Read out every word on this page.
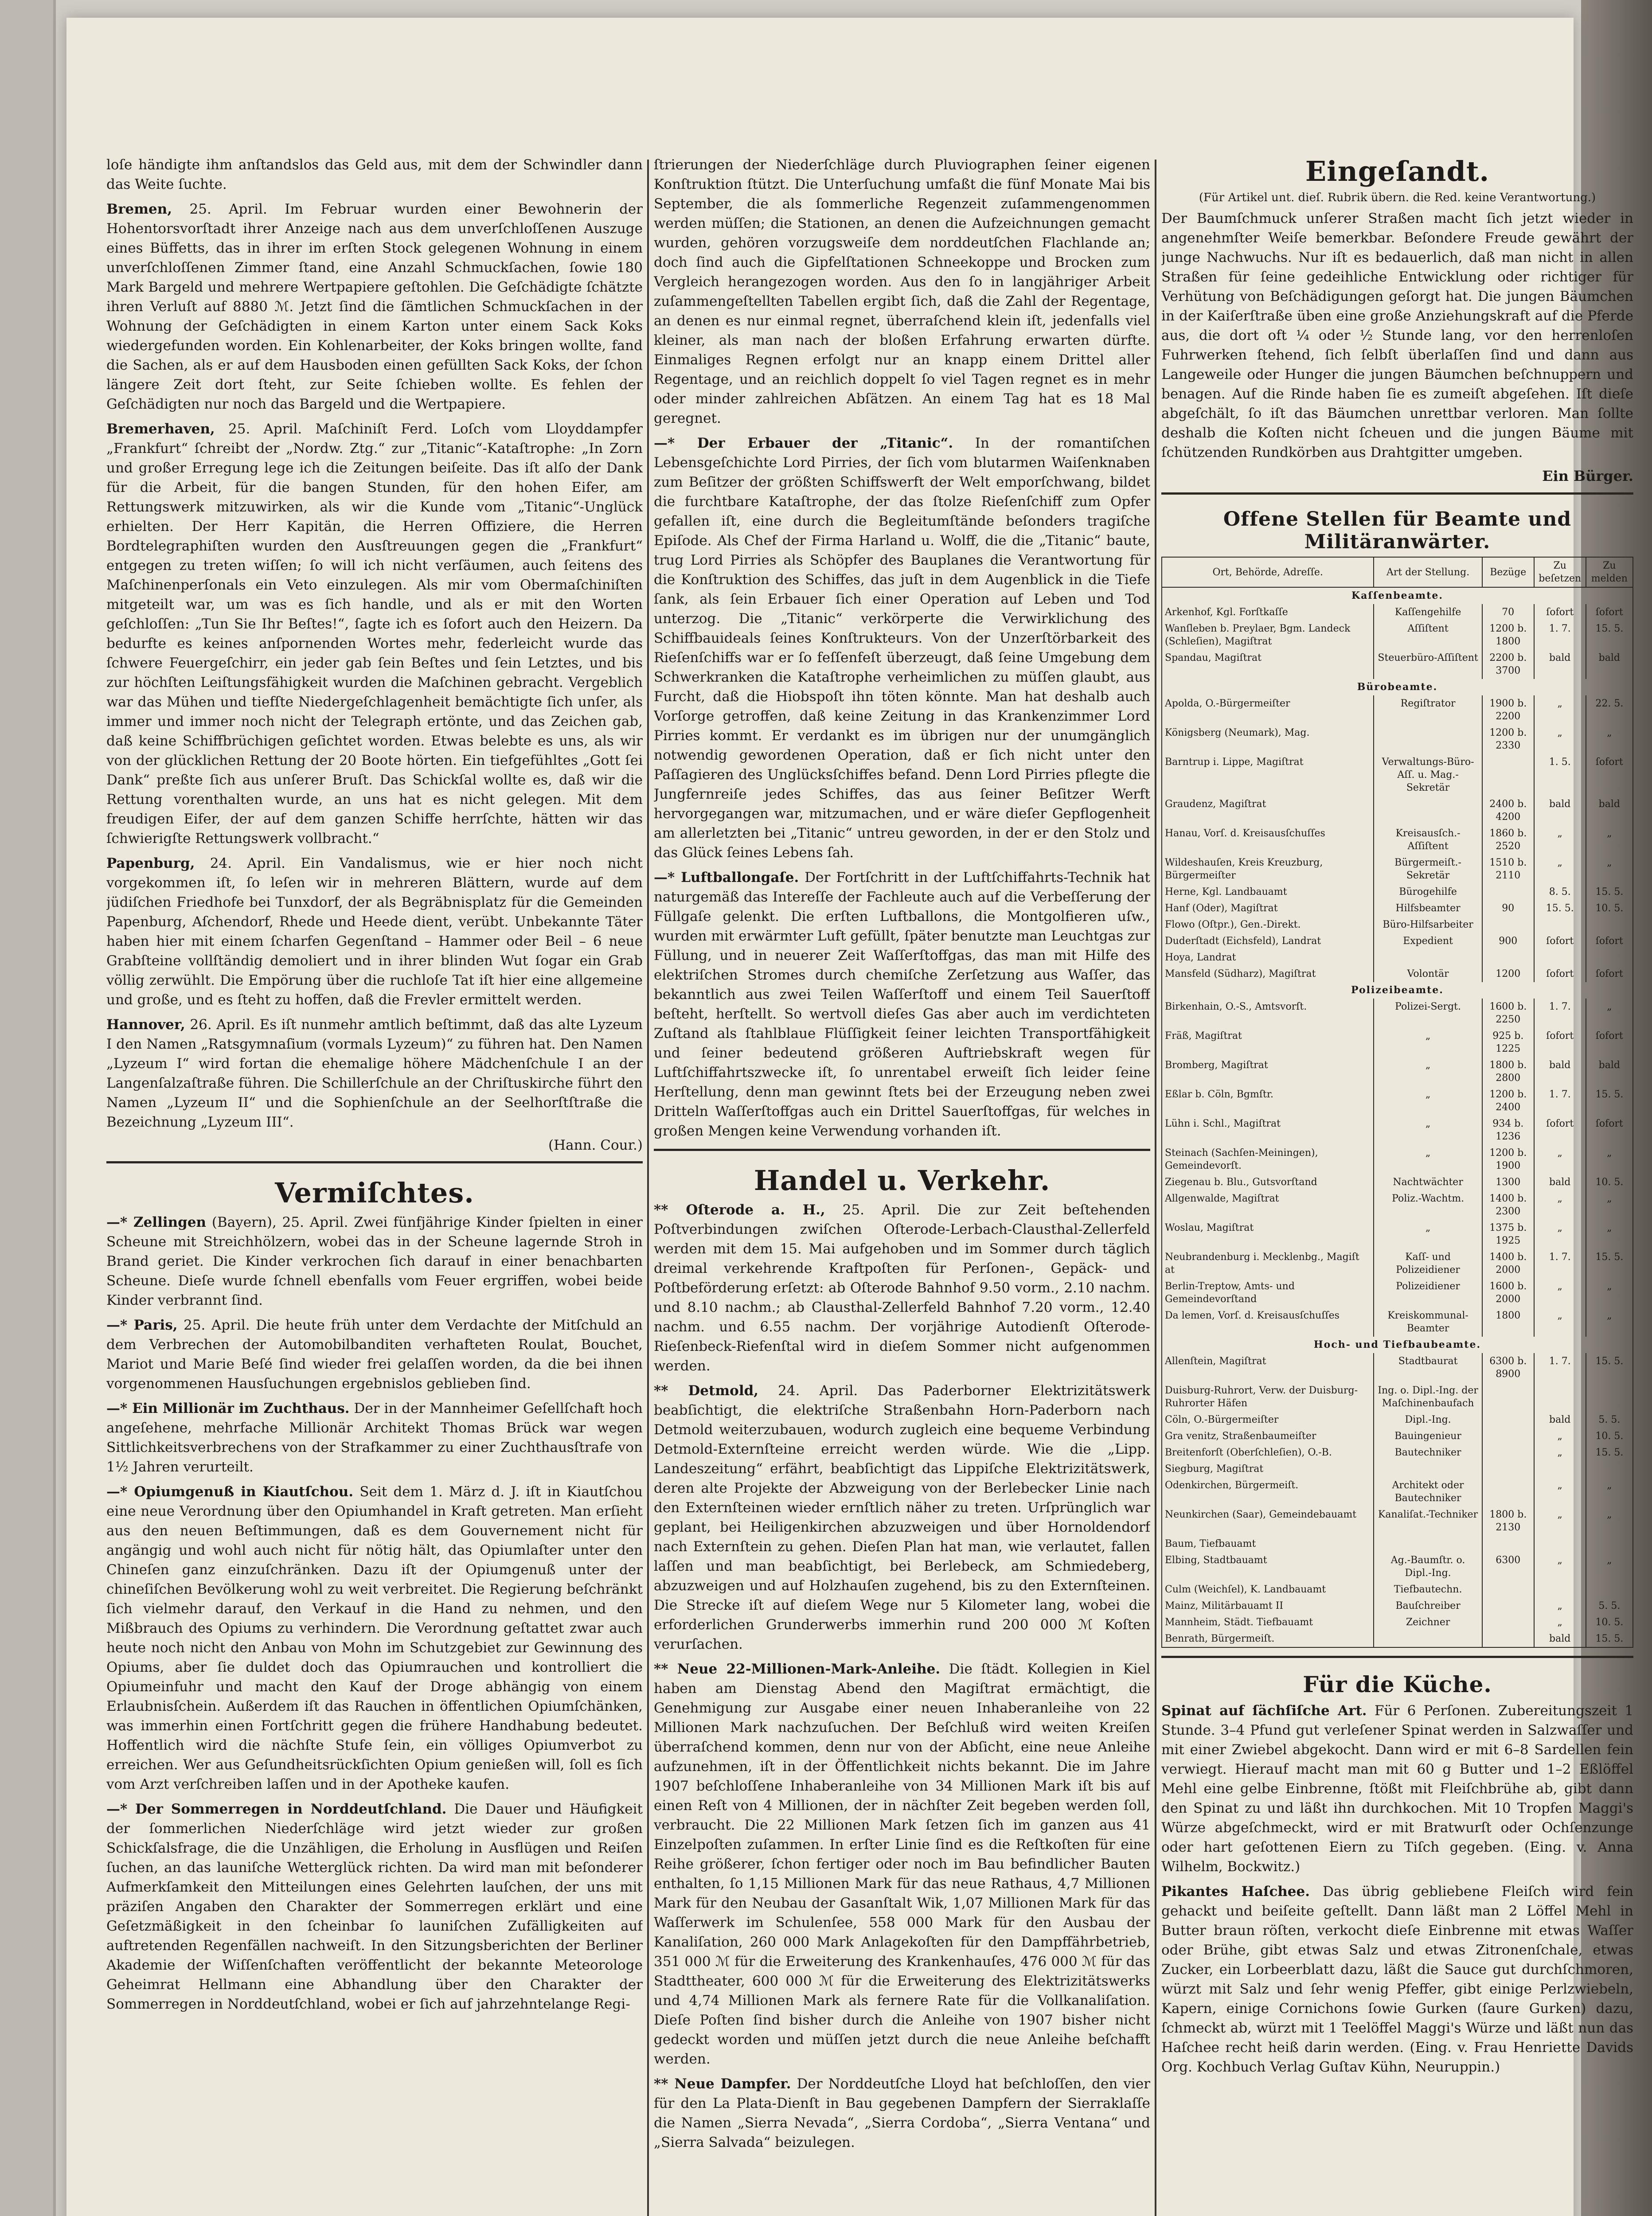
loſe händigte ihm anſtandslos das Geld aus, mit dem der Schwindler dann das Weite ſuchte.

Bremen, 25. April. Im Februar wurden einer Bewohnerin der Hohentorsvorſtadt ihrer Anzeige nach aus dem unverſchloſſenen Auszuge eines Büffetts, das in ihrer im erſten Stock gelegenen Wohnung in einem unverſchloſſenen Zimmer ſtand, eine Anzahl Schmuckſachen, ſowie 180 Mark Bargeld und mehrere Wertpapiere geſtohlen. Die Geſchädigte ſchätzte ihren Verluſt auf 8880 ℳ. Jetzt ſind die ſämtlichen Schmuckſachen in der Wohnung der Geſchädigten in einem Karton unter einem Sack Koks wiedergefunden worden. Ein Kohlenarbeiter, der Koks bringen wollte, fand die Sachen, als er auf dem Hausboden einen gefüllten Sack Koks, der ſchon längere Zeit dort ſteht, zur Seite ſchieben wollte. Es fehlen der Geſchädigten nur noch das Bargeld und die Wertpapiere.

Bremerhaven, 25. April. Maſchiniſt Ferd. Loſch vom Lloyddampfer „Frankfurt“ ſchreibt der „Nordw. Ztg.“ zur „Titanic“-Kataſtrophe: „In Zorn und großer Erregung lege ich die Zeitungen beiſeite. Das iſt alſo der Dank für die Arbeit, für die bangen Stunden, für den hohen Eifer, am Rettungswerk mitzuwirken, als wir die Kunde vom „Titanic“-Unglück erhielten. Der Herr Kapitän, die Herren Offiziere, die Herren Bordtelegraphiſten wurden den Ausſtreuungen gegen die „Frankfurt“ entgegen zu treten wiſſen; ſo will ich nicht verſäumen, auch ſeitens des Maſchinenperſonals ein Veto einzulegen. Als mir vom Obermaſchiniſten mitgeteilt war, um was es ſich handle, und als er mit den Worten geſchloſſen: „Tun Sie Ihr Beſtes!“, ſagte ich es ſofort auch den Heizern. Da bedurfte es keines anſpornenden Wortes mehr, federleicht wurde das ſchwere Feuergeſchirr, ein jeder gab ſein Beſtes und ſein Letztes, und bis zur höchſten Leiſtungsfähigkeit wurden die Maſchinen gebracht. Vergeblich war das Mühen und tiefſte Niedergeſchlagenheit bemächtigte ſich unſer, als immer und immer noch nicht der Telegraph ertönte, und das Zeichen gab, daß keine Schiffbrüchigen geſichtet worden. Etwas belebte es uns, als wir von der glücklichen Rettung der 20 Boote hörten. Ein tiefgefühltes „Gott ſei Dank“ preßte ſich aus unſerer Bruſt. Das Schickſal wollte es, daß wir die Rettung vorenthalten wurde, an uns hat es nicht gelegen. Mit dem freudigen Eifer, der auf dem ganzen Schiffe herrſchte, hätten wir das ſchwierigſte Rettungswerk vollbracht.“

Papenburg, 24. April. Ein Vandalismus, wie er hier noch nicht vorgekommen iſt, ſo leſen wir in mehreren Blättern, wurde auf dem jüdiſchen Friedhofe bei Tunxdorf, der als Begräbnisplatz für die Gemeinden Papenburg, Aſchendorf, Rhede und Heede dient, verübt. Unbekannte Täter haben hier mit einem ſcharfen Gegenſtand – Hammer oder Beil – 6 neue Grabſteine vollſtändig demoliert und in ihrer blinden Wut ſogar ein Grab völlig zerwühlt. Die Empörung über die ruchloſe Tat iſt hier eine allgemeine und große, und es ſteht zu hoffen, daß die Frevler ermittelt werden.

Hannover, 26. April. Es iſt nunmehr amtlich beſtimmt, daß das alte Lyzeum I den Namen „Ratsgymnaſium (vormals Lyzeum)“ zu führen hat. Den Namen „Lyzeum I“ wird fortan die ehemalige höhere Mädchenſchule I an der Langenſalzaſtraße führen. Die Schillerſchule an der Chriſtuskirche führt den Namen „Lyzeum II“ und die Sophienſchule an der Seelhorſtſtraße die Bezeichnung „Lyzeum III“.

(Hann. Cour.)
Vermiſchtes.

—* Zellingen (Bayern), 25. April. Zwei fünfjährige Kinder ſpielten in einer Scheune mit Streichhölzern, wobei das in der Scheune lagernde Stroh in Brand geriet. Die Kinder verkrochen ſich darauf in einer benachbarten Scheune. Dieſe wurde ſchnell ebenfalls vom Feuer ergriffen, wobei beide Kinder verbrannt ſind.

—* Paris, 25. April. Die heute früh unter dem Verdachte der Mitſchuld an dem Verbrechen der Automobilbanditen verhafteten Roulat, Bouchet, Mariot und Marie Beſé ſind wieder frei gelaſſen worden, da die bei ihnen vorgenommenen Hausſuchungen ergebnislos geblieben ſind.

—* Ein Millionär im Zuchthaus. Der in der Mannheimer Geſellſchaft hoch angeſehene, mehrfache Millionär Architekt Thomas Brück war wegen Sittlichkeitsverbrechens von der Strafkammer zu einer Zuchthausſtrafe von 1½ Jahren verurteilt.

—* Opiumgenuß in Kiautſchou. Seit dem 1. März d. J. iſt in Kiautſchou eine neue Verordnung über den Opiumhandel in Kraft getreten. Man erſieht aus den neuen Beſtimmungen, daß es dem Gouvernement nicht für angängig und wohl auch nicht für nötig hält, das Opiumlaſter unter den Chineſen ganz einzuſchränken. Dazu iſt der Opiumgenuß unter der chineſiſchen Bevölkerung wohl zu weit verbreitet. Die Regierung beſchränkt ſich vielmehr darauf, den Verkauf in die Hand zu nehmen, und den Mißbrauch des Opiums zu verhindern. Die Verordnung geſtattet zwar auch heute noch nicht den Anbau von Mohn im Schutzgebiet zur Gewinnung des Opiums, aber ſie duldet doch das Opiumrauchen und kontrolliert die Opiumeinfuhr und macht den Kauf der Droge abhängig von einem Erlaubnisſchein. Außerdem iſt das Rauchen in öffentlichen Opiumſchänken, was immerhin einen Fortſchritt gegen die frühere Handhabung bedeutet. Hoffentlich wird die nächſte Stufe ſein, ein völliges Opiumverbot zu erreichen. Wer aus Geſundheitsrückſichten Opium genießen will, ſoll es ſich vom Arzt verſchreiben laſſen und in der Apotheke kaufen.

—* Der Sommerregen in Norddeutſchland. Die Dauer und Häufigkeit der ſommerlichen Niederſchläge wird jetzt wieder zur großen Schickſalsfrage, die die Unzähligen, die Erholung in Ausflügen und Reiſen ſuchen, an das launiſche Wetterglück richten. Da wird man mit beſonderer Aufmerkſamkeit den Mitteilungen eines Gelehrten lauſchen, der uns mit präziſen Angaben den Charakter der Sommerregen erklärt und eine Geſetzmäßigkeit in den ſcheinbar ſo launiſchen Zufälligkeiten auf auftretenden Regenfällen nachweiſt. In den Sitzungsberichten der Berliner Akademie der Wiſſenſchaften veröffentlicht der bekannte Meteorologe Geheimrat Hellmann eine Abhandlung über den Charakter der Sommerregen in Norddeutſchland, wobei er ſich auf jahrzehntelange Regi-

ſtrierungen der Niederſchläge durch Pluviographen ſeiner eigenen Konſtruktion ſtützt. Die Unterſuchung umfaßt die fünf Monate Mai bis September, die als ſommerliche Regenzeit zuſammengenommen werden müſſen; die Stationen, an denen die Aufzeichnungen gemacht wurden, gehören vorzugsweiſe dem norddeutſchen Flachlande an; doch ſind auch die Gipfelſtationen Schneekoppe und Brocken zum Vergleich herangezogen worden. Aus den ſo in langjähriger Arbeit zuſammengeſtellten Tabellen ergibt ſich, daß die Zahl der Regentage, an denen es nur einmal regnet, überraſchend klein iſt, jedenfalls viel kleiner, als man nach der bloßen Erfahrung erwarten dürfte. Einmaliges Regnen erfolgt nur an knapp einem Drittel aller Regentage, und an reichlich doppelt ſo viel Tagen regnet es in mehr oder minder zahlreichen Abſätzen. An einem Tag hat es 18 Mal geregnet.

—* Der Erbauer der „Titanic“. In der romantiſchen Lebensgeſchichte Lord Pirries, der ſich vom blutarmen Waiſenknaben zum Beſitzer der größten Schiffswerft der Welt emporſchwang, bildet die furchtbare Kataſtrophe, der das ſtolze Rieſenſchiff zum Opfer gefallen iſt, eine durch die Begleitumſtände beſonders tragiſche Epiſode. Als Chef der Firma Harland u. Wolff, die die „Titanic“ baute, trug Lord Pirries als Schöpfer des Bauplanes die Verantwortung für die Konſtruktion des Schiffes, das juſt in dem Augenblick in die Tiefe ſank, als ſein Erbauer ſich einer Operation auf Leben und Tod unterzog. Die „Titanic“ verkörperte die Verwirklichung des Schiffbauideals ſeines Konſtrukteurs. Von der Unzerſtörbarkeit des Rieſenſchiffs war er ſo feſſenfeſt überzeugt, daß ſeine Umgebung dem Schwerkranken die Kataſtrophe verheimlichen zu müſſen glaubt, aus Furcht, daß die Hiobspoſt ihn töten könnte. Man hat deshalb auch Vorſorge getroffen, daß keine Zeitung in das Krankenzimmer Lord Pirries kommt. Er verdankt es im übrigen nur der unumgänglich notwendig gewordenen Operation, daß er ſich nicht unter den Paſſagieren des Unglücksſchiffes befand. Denn Lord Pirries pflegte die Jungfernreiſe jedes Schiffes, das aus ſeiner Beſitzer Werft hervorgegangen war, mitzumachen, und er wäre dieſer Gepflogenheit am allerletzten bei „Titanic“ untreu geworden, in der er den Stolz und das Glück ſeines Lebens ſah.

—* Luftballongaſe. Der Fortſchritt in der Luftſchiffahrts-Technik hat naturgemäß das Intereſſe der Fachleute auch auf die Verbeſſerung der Füllgaſe gelenkt. Die erſten Luftballons, die Montgolfieren uſw., wurden mit erwärmter Luft gefüllt, ſpäter benutzte man Leuchtgas zur Füllung, und in neuerer Zeit Waſſerſtoffgas, das man mit Hilfe des elektriſchen Stromes durch chemiſche Zerſetzung aus Waſſer, das bekanntlich aus zwei Teilen Waſſerſtoff und einem Teil Sauerſtoff beſteht, herſtellt. So wertvoll dieſes Gas aber auch im verdichteten Zuſtand als ſtahlblaue Flüſſigkeit ſeiner leichten Transportfähigkeit und ſeiner bedeutend größeren Auftriebskraft wegen für Luftſchiffahrtszwecke iſt, ſo unrentabel erweiſt ſich leider ſeine Herſtellung, denn man gewinnt ſtets bei der Erzeugung neben zwei Dritteln Waſſerſtoffgas auch ein Drittel Sauerſtoffgas, für welches in großen Mengen keine Verwendung vorhanden iſt.

Handel u. Verkehr.

** Oſterode a. H., 25. April. Die zur Zeit beſtehenden Poſtverbindungen zwiſchen Oſterode-Lerbach-Clausthal-Zellerfeld werden mit dem 15. Mai aufgehoben und im Sommer durch täglich dreimal verkehrende Kraftpoſten für Perſonen-, Gepäck- und Poſtbeförderung erſetzt: ab Oſterode Bahnhof 9.50 vorm., 2.10 nachm. und 8.10 nachm.; ab Clausthal-Zellerfeld Bahnhof 7.20 vorm., 12.40 nachm. und 6.55 nachm. Der vorjährige Autodienſt Oſterode-Rieſenbeck-Riefenſtal wird in dieſem Sommer nicht aufgenommen werden.

** Detmold, 24. April. Das Paderborner Elektrizitätswerk beabſichtigt, die elektriſche Straßenbahn Horn-Paderborn nach Detmold weiterzubauen, wodurch zugleich eine bequeme Verbindung Detmold-Externſteine erreicht werden würde. Wie die „Lipp. Landeszeitung“ erfährt, beabſichtigt das Lippiſche Elektrizitätswerk, deren alte Projekte der Abzweigung von der Berlebecker Linie nach den Externſteinen wieder ernſtlich näher zu treten. Urſprünglich war geplant, bei Heiligenkirchen abzuzweigen und über Hornoldendorf nach Externſtein zu gehen. Dieſen Plan hat man, wie verlautet, fallen laſſen und man beabſichtigt, bei Berlebeck, am Schmiedeberg, abzuzweigen und auf Holzhauſen zugehend, bis zu den Externſteinen. Die Strecke iſt auf dieſem Wege nur 5 Kilometer lang, wobei die erforderlichen Grunderwerbs immerhin rund 200 000 ℳ Koſten verurſachen.

** Neue 22-Millionen-Mark-Anleihe. Die ſtädt. Kollegien in Kiel haben am Dienstag Abend den Magiſtrat ermächtigt, die Genehmigung zur Ausgabe einer neuen Inhaberanleihe von 22 Millionen Mark nachzuſuchen. Der Beſchluß wird weiten Kreiſen überraſchend kommen, denn nur von der Abſicht, eine neue Anleihe aufzunehmen, iſt in der Öffentlichkeit nichts bekannt. Die im Jahre 1907 beſchloſſene Inhaberanleihe von 34 Millionen Mark iſt bis auf einen Reſt von 4 Millionen, der in nächſter Zeit begeben werden ſoll, verbraucht. Die 22 Millionen Mark ſetzen ſich im ganzen aus 41 Einzelpoſten zuſammen. In erſter Linie ſind es die Reſtkoſten für eine Reihe größerer, ſchon fertiger oder noch im Bau befindlicher Bauten enthalten, ſo 1,15 Millionen Mark für das neue Rathaus, 4,7 Millionen Mark für den Neubau der Gasanſtalt Wik, 1,07 Millionen Mark für das Waſſerwerk im Schulenſee, 558 000 Mark für den Ausbau der Kanaliſation, 260 000 Mark Anlagekoſten für den Dampffährbetrieb, 351 000 ℳ für die Erweiterung des Krankenhauſes, 476 000 ℳ für das Stadttheater, 600 000 ℳ für die Erweiterung des Elektrizitätswerks und 4,74 Millionen Mark als fernere Rate für die Vollkanaliſation. Dieſe Poſten ſind bisher durch die Anleihe von 1907 bisher nicht gedeckt worden und müſſen jetzt durch die neue Anleihe beſchafft werden.

** Neue Dampfer. Der Norddeutſche Lloyd hat beſchloſſen, den vier für den La Plata-Dienſt in Bau gegebenen Dampfern der Sierraklaſſe die Namen „Sierra Nevada“, „Sierra Cordoba“, „Sierra Ventana“ und „Sierra Salvada“ beizulegen.

Eingeſandt.
(Für Artikel unt. dieſ. Rubrik übern. die Red. keine Verantwortung.)

Der Baumſchmuck unſerer Straßen macht ſich jetzt wieder in angenehmſter Weiſe bemerkbar. Beſondere Freude gewährt der junge Nachwuchs. Nur iſt es bedauerlich, daß man nicht in allen Straßen für ſeine gedeihliche Entwicklung oder richtiger für Verhütung von Beſchädigungen geſorgt hat. Die jungen Bäumchen in der Kaiſerſtraße üben eine große Anziehungskraft auf die Pferde aus, die dort oft ¼ oder ½ Stunde lang, vor den herrenloſen Fuhrwerken ſtehend, ſich ſelbſt überlaſſen ſind und dann aus Langeweile oder Hunger die jungen Bäumchen beſchnuppern und benagen. Auf die Rinde haben ſie es zumeiſt abgeſehen. Iſt dieſe abgeſchält, ſo iſt das Bäumchen unrettbar verloren. Man ſollte deshalb die Koſten nicht ſcheuen und die jungen Bäume mit ſchützenden Rundkörben aus Drahtgitter umgeben.

Ein Bürger.
Offene Stellen für Beamte und Militäranwärter.
Ort, Behörde, Adreſſe.	Art der Stellung.	Bezüge	Zu beſetzen	Zu melden
Kaſſenbeamte.				
Arkenhof, Kgl. Forſtkaſſe	Kaſſengehilfe	70	ſofort	ſofort
Wanſleben b. Preylaer, Bgm. Landeck (Schleſien), Magiſtrat	Aſſiſtent	1200 b. 1800	1. 7.	15. 5.
Spandau, Magiſtrat	Steuerbüro-Aſſiſtent	2200 b. 3700	bald	bald
Bürobeamte.				
Apolda, O.-Bürgermeiſter	Regiſtrator	1900 b. 2200	„	22. 5.
Königsberg (Neumark), Mag.		1200 b. 2330	„	„
Barntrup i. Lippe, Magiſtrat	Verwaltungs-Büro-Aſſ. u. Mag.-Sekretär		1. 5.	ſofort
Graudenz, Magiſtrat		2400 b. 4200	bald	bald
Hanau, Vorſ. d. Kreisausſchuſſes	Kreisausſch.-Aſſiſtent	1860 b. 2520	„	„
Wildeshauſen, Kreis Kreuzburg, Bürgermeiſter	Bürgermeiſt.-Sekretär	1510 b. 2110	„	„
Herne, Kgl. Landbauamt	Bürogehilfe		8. 5.	15. 5.
Hanf (Oder), Magiſtrat	Hilfsbeamter	90	15. 5.	10. 5.
Flowo (Oſtpr.), Gen.-Direkt.	Büro-Hilfsarbeiter			
Duderſtadt (Eichsfeld), Landrat	Expedient	900	ſofort	ſofort
Hoya, Landrat				
Mansfeld (Südharz), Magiſtrat	Volontär	1200	ſofort	ſofort
Polizeibeamte.				
Birkenhain, O.-S., Amtsvorſt.	Polizei-Sergt.	1600 b. 2250	1. 7.	„
Fräß, Magiſtrat	„	925 b. 1225	ſofort	ſofort
Bromberg, Magiſtrat	„	1800 b. 2800	bald	bald
Eßlar b. Cöln, Bgmſtr.	„	1200 b. 2400	1. 7.	15. 5.
Lühn i. Schl., Magiſtrat	„	934 b. 1236	ſofort	ſofort
Steinach (Sachſen-Meiningen), Gemeindevorſt.	„	1200 b. 1900	„	„
Ziegenau b. Blu., Gutsvorſtand	Nachtwächter	1300	bald	10. 5.
Allgenwalde, Magiſtrat	Poliz.-Wachtm.	1400 b. 2300	„	„
Woslau, Magiſtrat	„	1375 b. 1925	„	„
Neubrandenburg i. Mecklenbg., Magiſt at	Kaſſ- und Polizeidiener	1400 b. 2000	1. 7.	15. 5.
Berlin-Treptow, Amts- und Gemeindevorſtand	Polizeidiener	1600 b. 2000	„	„
Da lemen, Vorſ. d. Kreisausſchuſſes	Kreiskommunal-Beamter	1800	„	„
Hoch- und Tiefbaubeamte.				
Allenſtein, Magiſtrat	Stadtbaurat	6300 b. 8900	1. 7.	15. 5.
Duisburg-Ruhrort, Verw. der Duisburg-Ruhrorter Häfen	Ing. o. Dipl.-Ing. der Maſchinenbaufach			
Cöln, O.-Bürgermeiſter	Dipl.-Ing.		bald	5. 5.
Gra venitz, Straßenbaumeiſter	Bauingenieur		„	10. 5.
Breitenforſt (Oberſchleſien), O.-B.	Bautechniker		„	15. 5.
Siegburg, Magiſtrat				
Odenkirchen, Bürgermeiſt.	Architekt oder Bautechniker		„	„
Neunkirchen (Saar), Gemeindebauamt	Kanaliſat.-Techniker	1800 b. 2130	„	„
Baum, Tiefbauamt				
Elbing, Stadtbauamt	Ag.-Baumſtr. o. Dipl.-Ing.	6300	„	„
Culm (Weichſel), K. Landbauamt	Tiefbautechn.			
Mainz, Militärbauamt II	Bauſchreiber		„	5. 5.
Mannheim, Städt. Tiefbauamt	Zeichner		„	10. 5.
Benrath, Bürgermeiſt.			bald	15. 5.
Für die Küche.

Spinat auf ſächſiſche Art. Für 6 Perſonen. Zubereitungszeit 1 Stunde. 3–4 Pfund gut verleſener Spinat werden in Salzwaſſer und mit einer Zwiebel abgekocht. Dann wird er mit 6–8 Sardellen fein verwiegt. Hierauf macht man mit 60 g Butter und 1–2 Eßlöffel Mehl eine gelbe Einbrenne, ſtößt mit Fleiſchbrühe ab, gibt dann den Spinat zu und läßt ihn durchkochen. Mit 10 Tropfen Maggi's Würze abgeſchmeckt, wird er mit Bratwurſt oder Ochſenzunge oder hart geſottenen Eiern zu Tiſch gegeben. (Eing. v. Anna Wilhelm, Bockwitz.)

Pikantes Haſchee. Das übrig gebliebene Fleiſch wird fein gehackt und beiſeite geſtellt. Dann läßt man 2 Löffel Mehl in Butter braun röſten, verkocht dieſe Einbrenne mit etwas Waſſer oder Brühe, gibt etwas Salz und etwas Zitronenſchale, etwas Zucker, ein Lorbeerblatt dazu, läßt die Sauce gut durchſchmoren, würzt mit Salz und ſehr wenig Pfeffer, gibt einige Perlzwiebeln, Kapern, einige Cornichons ſowie Gurken (ſaure Gurken) dazu, ſchmeckt ab, würzt mit 1 Teelöffel Maggi's Würze und läßt nun das Haſchee recht heiß darin werden. (Eing. v. Frau Henriette Davids Org. Kochbuch Verlag Guſtav Kühn, Neuruppin.)
